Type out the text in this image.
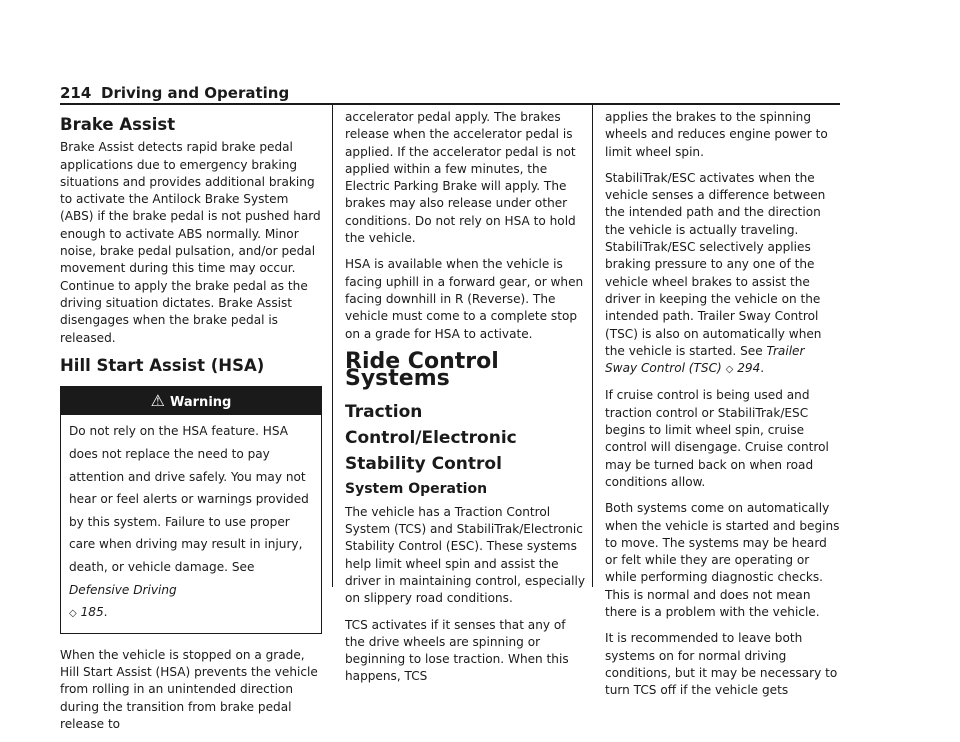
214 Driving and Operating
Brake Assist

Brake Assist detects rapid brake pedal applications due to emergency braking situations and provides additional braking to activate the Antilock Brake System (ABS) if the brake pedal is not pushed hard enough to activate ABS normally. Minor noise, brake pedal pulsation, and/or pedal movement during this time may occur. Continue to apply the brake pedal as the driving situation dictates. Brake Assist disengages when the brake pedal is released.

Hill Start Assist (HSA)
⚠ Warning
Do not rely on the HSA feature. HSA does not replace the need to pay attention and drive safely. You may not hear or feel alerts or warnings provided by this system. Failure to use proper care when driving may result in injury, death, or vehicle damage. See Defensive Driving
◇ 185.

When the vehicle is stopped on a grade, Hill Start Assist (HSA) prevents the vehicle from rolling in an unintended direction during the transition from brake pedal release to

accelerator pedal apply. The brakes release when the accelerator pedal is applied. If the accelerator pedal is not applied within a few minutes, the Electric Parking Brake will apply. The brakes may also release under other conditions. Do not rely on HSA to hold the vehicle.

HSA is available when the vehicle is facing uphill in a forward gear, or when facing downhill in R (Reverse). The vehicle must come to a complete stop on a grade for HSA to activate.

Ride Control Systems
Traction Control/Electronic Stability Control
System Operation

The vehicle has a Traction Control System (TCS) and StabiliTrak/Electronic Stability Control (ESC). These systems help limit wheel spin and assist the driver in maintaining control, especially on slippery road conditions.

TCS activates if it senses that any of the drive wheels are spinning or beginning to lose traction. When this happens, TCS

applies the brakes to the spinning wheels and reduces engine power to limit wheel spin.

StabiliTrak/ESC activates when the vehicle senses a difference between the intended path and the direction the vehicle is actually traveling. StabiliTrak/ESC selectively applies braking pressure to any one of the vehicle wheel brakes to assist the driver in keeping the vehicle on the intended path. Trailer Sway Control (TSC) is also on automatically when the vehicle is started. See Trailer Sway Control (TSC) ◇ 294.

If cruise control is being used and traction control or StabiliTrak/ESC begins to limit wheel spin, cruise control will disengage. Cruise control may be turned back on when road conditions allow.

Both systems come on automatically when the vehicle is started and begins to move. The systems may be heard or felt while they are operating or while performing diagnostic checks. This is normal and does not mean there is a problem with the vehicle.

It is recommended to leave both systems on for normal driving conditions, but it may be necessary to turn TCS off if the vehicle gets
